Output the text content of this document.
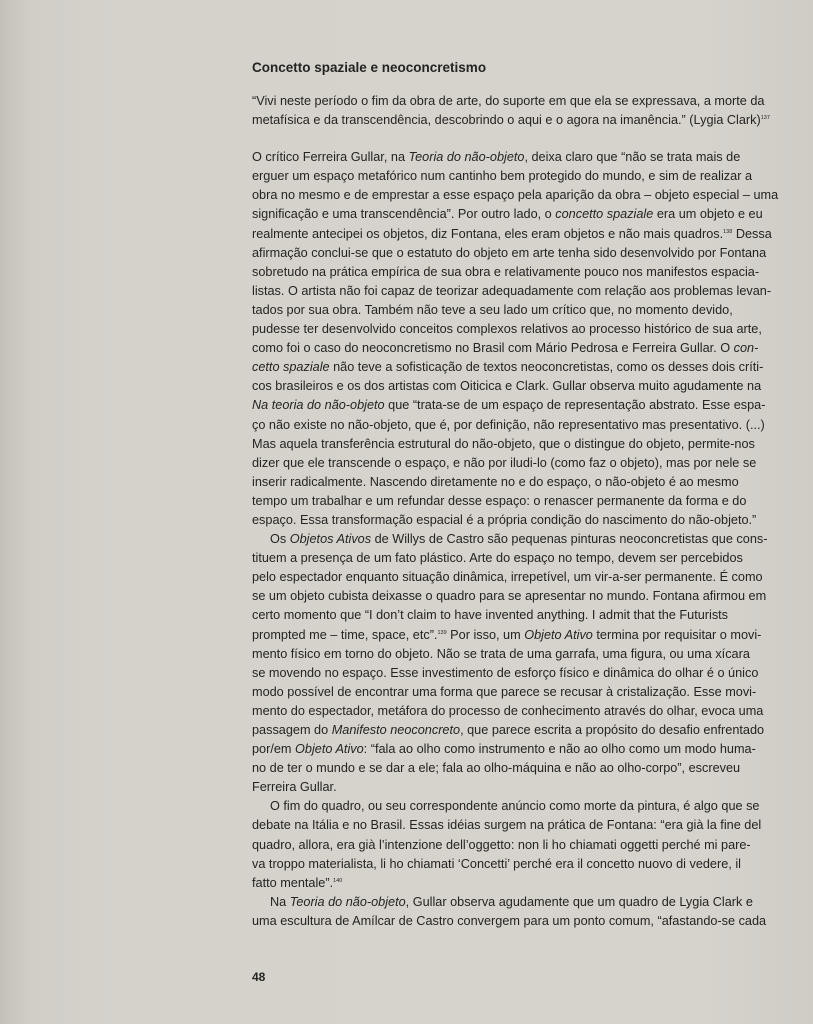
Concetto spaziale e neoconcretismo
“Vivi neste período o fim da obra de arte, do suporte em que ela se expressava, a morte da
metafísica e da transcendência, descobrindo o aqui e o agora na imanência.” (Lygia Clark)$^{137}$
O crítico Ferreira Gullar, na Teoria do não-objeto, deixa claro que “não se trata mais de
erguer um espaço metafórico num cantinho bem protegido do mundo, e sim de realizar a
obra no mesmo e de emprestar a esse espaço pela aparição da obra – objeto especial – uma
significação e uma transcendência”. Por outro lado, o concetto spaziale era um objeto e eu
realmente antecipei os objetos, diz Fontana, eles eram objetos e não mais quadros.$^{138}$ Dessa
afirmação conclui-se que o estatuto do objeto em arte tenha sido desenvolvido por Fontana
sobretudo na prática empírica de sua obra e relativamente pouco nos manifestos espacia-
listas. O artista não foi capaz de teorizar adequadamente com relação aos problemas levan-
tados por sua obra. Também não teve a seu lado um crítico que, no momento devido,
pudesse ter desenvolvido conceitos complexos relativos ao processo histórico de sua arte,
como foi o caso do neoconcretismo no Brasil com Mário Pedrosa e Ferreira Gullar. O con-
cetto spaziale não teve a sofisticação de textos neoconcretistas, como os desses dois críti-
cos brasileiros e os dos artistas com Oiticica e Clark. Gullar observa muito agudamente na
Na teoria do não-objeto que “trata-se de um espaço de representação abstrato. Esse espa-
ço não existe no não-objeto, que é, por definição, não representativo mas presentativo. (...)
Mas aquela transferência estrutural do não-objeto, que o distingue do objeto, permite-nos
dizer que ele transcende o espaço, e não por iludi-lo (como faz o objeto), mas por nele se
inserir radicalmente. Nascendo diretamente no e do espaço, o não-objeto é ao mesmo
tempo um trabalhar e um refundar desse espaço: o renascer permanente da forma e do
espaço. Essa transformação espacial é a própria condição do nascimento do não-objeto.”
Os Objetos Ativos de Willys de Castro são pequenas pinturas neoconcretistas que cons-
tituem a presença de um fato plástico. Arte do espaço no tempo, devem ser percebidos
pelo espectador enquanto situação dinâmica, irrepetível, um vir-a-ser permanente. É como
se um objeto cubista deixasse o quadro para se apresentar no mundo. Fontana afirmou em
certo momento que “I don’t claim to have invented anything. I admit that the Futurists
prompted me – time, space, etc”.$^{139}$ Por isso, um Objeto Ativo termina por requisitar o movi-
mento físico em torno do objeto. Não se trata de uma garrafa, uma figura, ou uma xícara
se movendo no espaço. Esse investimento de esforço físico e dinâmica do olhar é o único
modo possível de encontrar uma forma que parece se recusar à cristalização. Esse movi-
mento do espectador, metáfora do processo de conhecimento através do olhar, evoca uma
passagem do Manifesto neoconcreto, que parece escrita a propósito do desafio enfrentado
por/em Objeto Ativo: “fala ao olho como instrumento e não ao olho como um modo huma-
no de ter o mundo e se dar a ele; fala ao olho-máquina e não ao olho-corpo”, escreveu
Ferreira Gullar.
O fim do quadro, ou seu correspondente anúncio como morte da pintura, é algo que se
debate na Itália e no Brasil. Essas idéias surgem na prática de Fontana: “era già la fine del
quadro, allora, era già l’intenzione dell’oggetto: non li ho chiamati oggetti perché mi pare-
va troppo materialista, li ho chiamati ‘Concetti’ perché era il concetto nuovo di vedere, il
fatto mentale”.$^{140}$
Na Teoria do não-objeto, Gullar observa agudamente que um quadro de Lygia Clark e
uma escultura de Amílcar de Castro convergem para um ponto comum, “afastando-se cada
48
